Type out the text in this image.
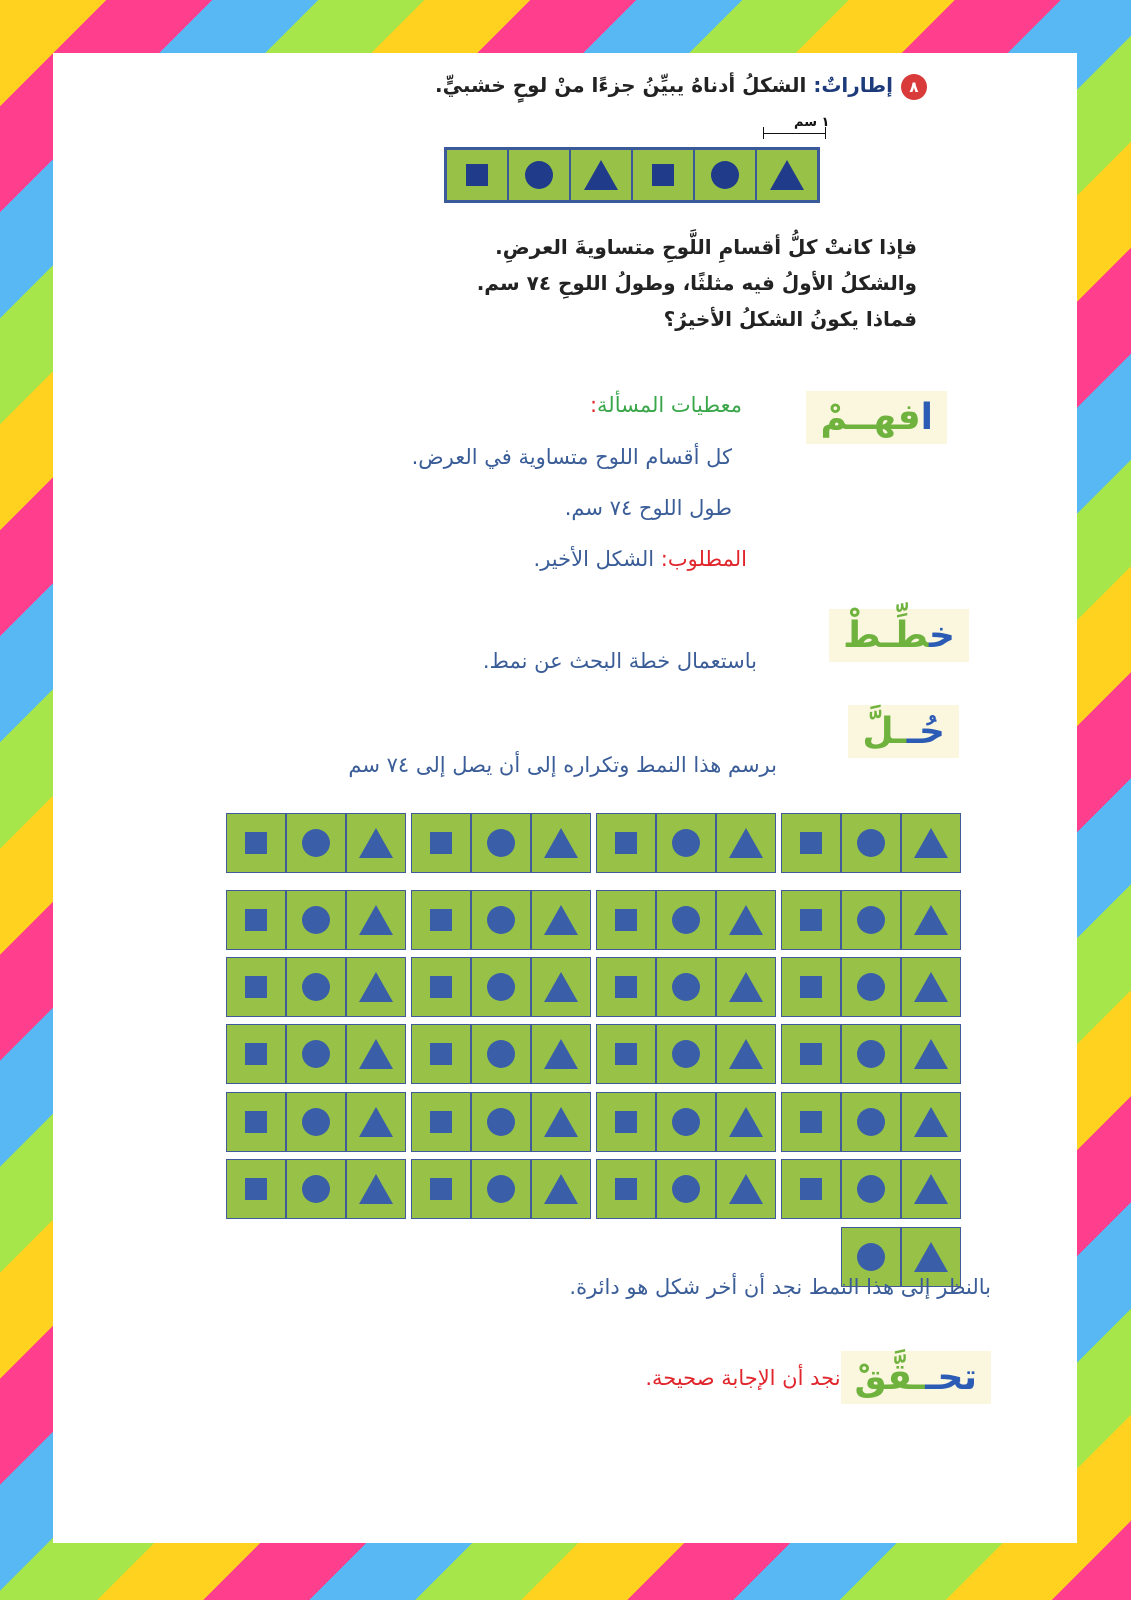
٨إطاراتٌ: الشكلُ أدناهُ يبيِّنُ جزءًا منْ لوحٍ خشبيٍّ.
١ سم
فإذا كانتْ كلُّ أقسامِ اللَّوحِ متساويةَ العرضِ.
والشكلُ الأولُ فيه مثلثًا، وطولُ اللوحِ ٧٤ سم.
فماذا يكونُ الشكلُ الأخيرُ؟
افهــمْ
معطيات المسألة:
كل أقسام اللوح متساوية في العرض.
طول اللوح ٧٤ سم.
المطلوب: الشكل الأخير.
خطِّـطْ
باستعمال خطة البحث عن نمط.
حُــلَّ
برسم هذا النمط وتكراره إلى أن يصل إلى ٧٤ سم
بالنظر إلى هذا النمط نجد أن أخر شكل هو دائرة.
تحــقَّقْ
نجد أن الإجابة صحيحة.
